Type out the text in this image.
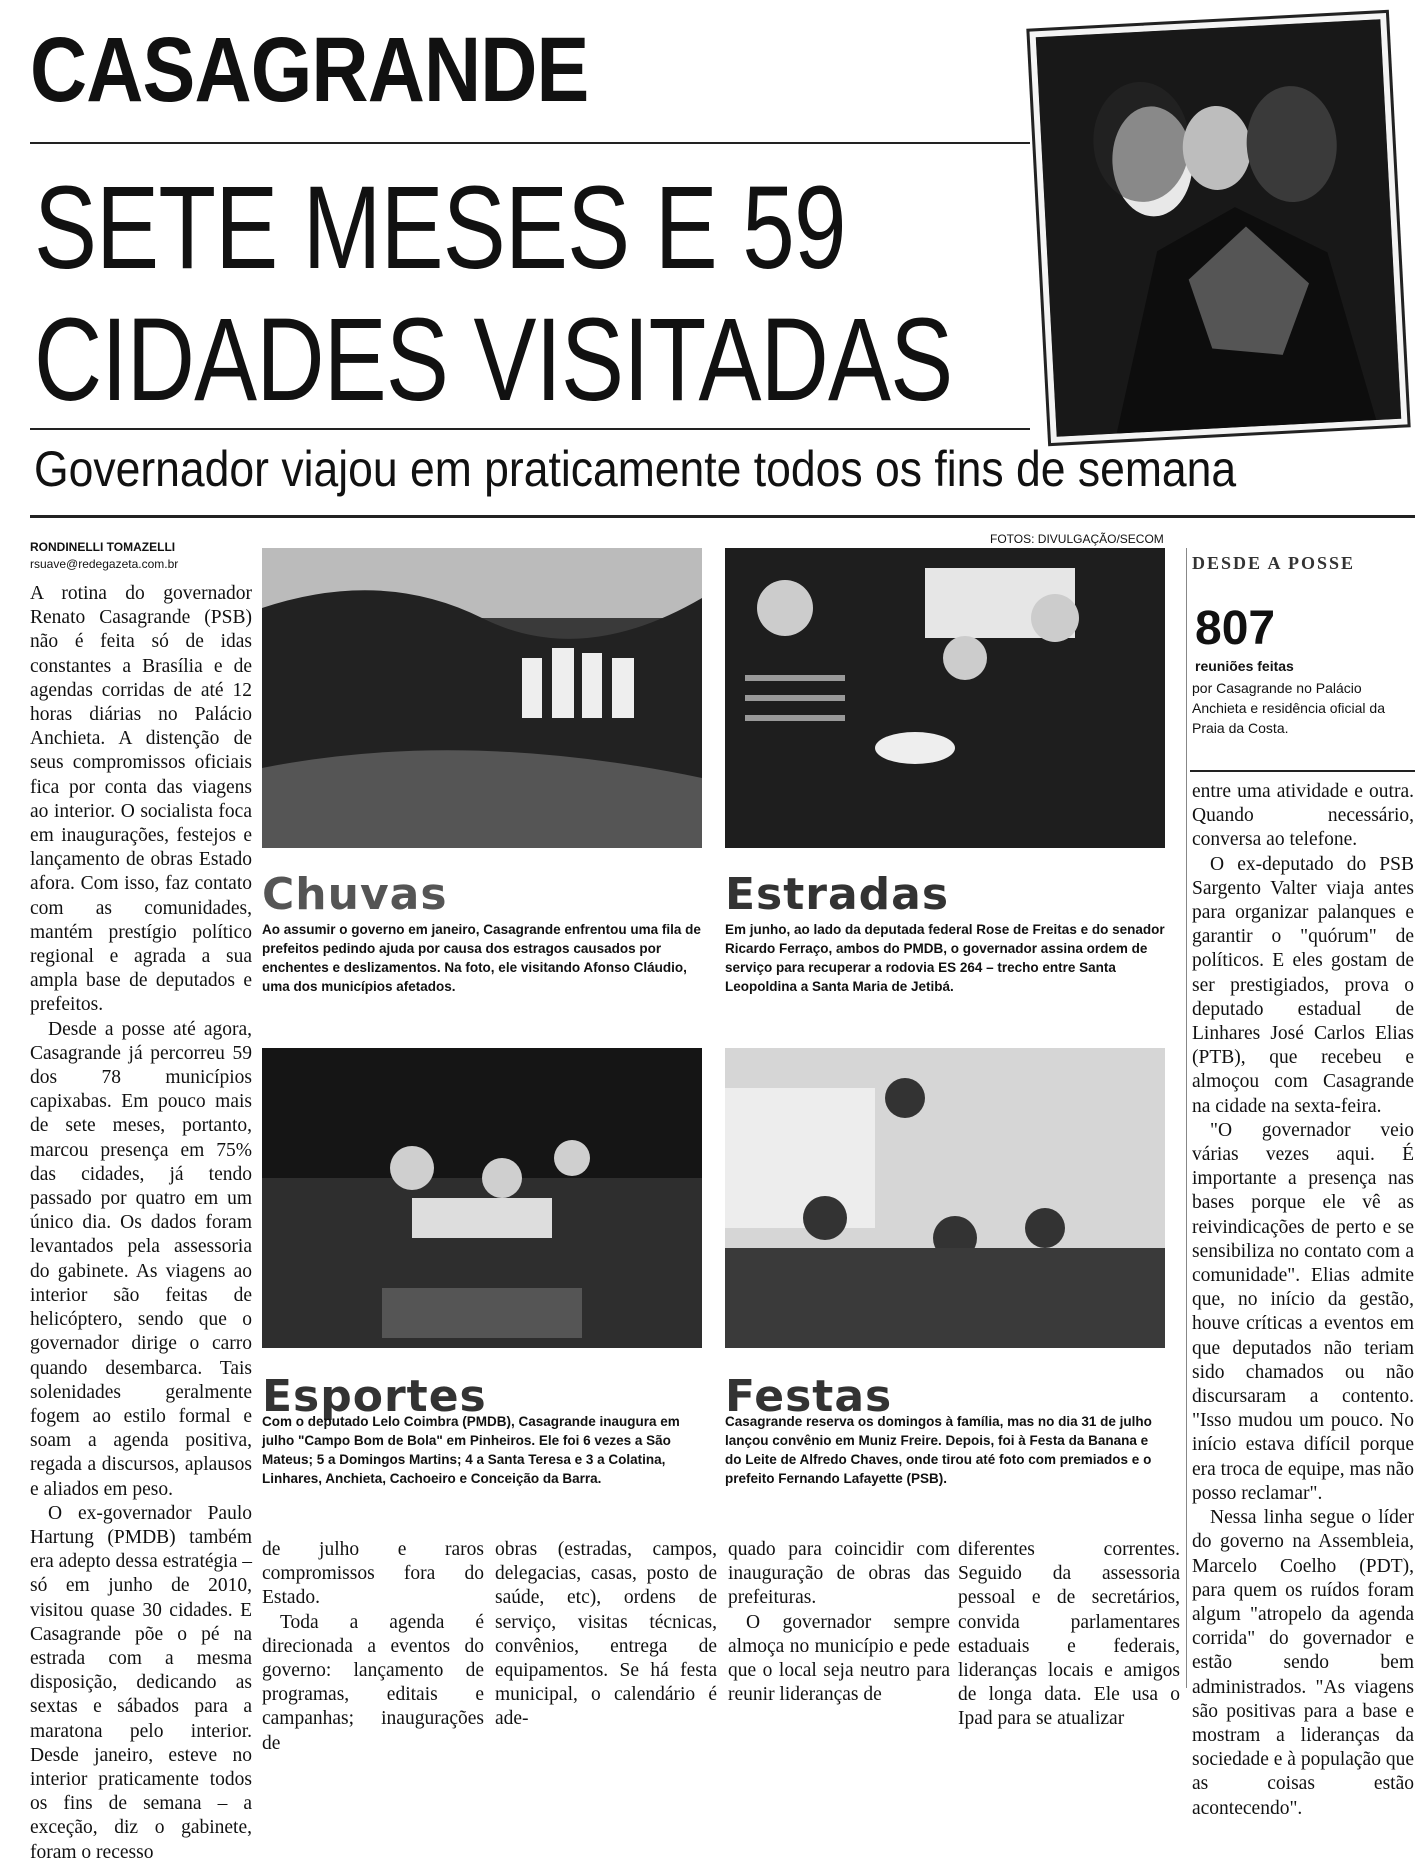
CASAGRANDE
SETE MESES E 59
CIDADES VISITADAS
Governador viajou em praticamente todos os fins de semana
RONDINELLI TOMAZELLI
rsuave@redegazeta.com.br

A rotina do governador Renato Casagrande (PSB) não é feita só de idas constantes a Brasília e de agendas corridas de até 12 horas diárias no Palácio Anchieta. A distenção de seus compromissos oficiais fica por conta das viagens ao interior. O socialista foca em inaugurações, festejos e lançamento de obras Estado afora. Com isso, faz contato com as comunidades, mantém prestígio político regional e agrada a sua ampla base de deputados e prefeitos.

Desde a posse até agora, Casagrande já percorreu 59 dos 78 municípios capixabas. Em pouco mais de sete meses, portanto, marcou presença em 75% das cidades, já tendo passado por quatro em um único dia. Os dados foram levantados pela assessoria do gabinete. As viagens ao interior são feitas de helicóptero, sendo que o governador dirige o carro quando desembarca. Tais solenidades geralmente fogem ao estilo formal e soam a agenda positiva, regada a discursos, aplausos e aliados em peso.

O ex-governador Paulo Hartung (PMDB) também era adepto dessa estratégia – só em junho de 2010, visitou quase 30 cidades. E Casagrande põe o pé na estrada com a mesma disposição, dedicando as sextas e sábados para a maratona pelo interior. Desde janeiro, esteve no interior praticamente todos os fins de semana – a exceção, diz o gabinete, foram o recesso

FOTOS: DIVULGAÇÃO/SECOM
Chuvas
Ao assumir o governo em janeiro, Casagrande enfrentou uma fila de prefeitos pedindo ajuda por causa dos estragos causados por enchentes e deslizamentos. Na foto, ele visitando Afonso Cláudio, uma dos municípios afetados.
Estradas
Em junho, ao lado da deputada federal Rose de Freitas e do senador Ricardo Ferraço, ambos do PMDB, o governador assina ordem de serviço para recuperar a rodovia ES 264 – trecho entre Santa Leopoldina a Santa Maria de Jetibá.
Esportes
Com o deputado Lelo Coimbra (PMDB), Casagrande inaugura em julho "Campo Bom de Bola" em Pinheiros. Ele foi 6 vezes a São Mateus; 5 a Domingos Martins; 4 a Santa Teresa e 3 a Colatina, Linhares, Anchieta, Cachoeiro e Conceição da Barra.
Festas
Casagrande reserva os domingos à família, mas no dia 31 de julho lançou convênio em Muniz Freire. Depois, foi à Festa da Banana e do Leite de Alfredo Chaves, onde tirou até foto com premiados e o prefeito Fernando Lafayette (PSB).

de julho e raros compromissos fora do Estado.

Toda a agenda é direcionada a eventos do governo: lançamento de programas, editais e campanhas; inaugurações de

obras (estradas, campos, delegacias, casas, posto de saúde, etc), ordens de serviço, visitas técnicas, convênios, entrega de equipamentos. Se há festa municipal, o calendário é ade-

quado para coincidir com inauguração de obras das prefeituras.

O governador sempre almoça no município e pede que o local seja neutro para reunir lideranças de

diferentes correntes. Seguido da assessoria pessoal e de secretários, convida parlamentares estaduais e federais, lideranças locais e amigos de longa data. Ele usa o Ipad para se atualizar

DESDE A POSSE
807
reuniões feitas
por Casagrande no Palácio Anchieta e residência oficial da Praia da Costa.

entre uma atividade e outra. Quando necessário, conversa ao telefone.

O ex-deputado do PSB Sargento Valter viaja antes para organizar palanques e garantir o "quórum" de políticos. E eles gostam de ser prestigiados, prova o deputado estadual de Linhares José Carlos Elias (PTB), que recebeu e almoçou com Casagrande na cidade na sexta-feira.

"O governador veio várias vezes aqui. É importante a presença nas bases porque ele vê as reivindicações de perto e se sensibiliza no contato com a comunidade". Elias admite que, no início da gestão, houve críticas a eventos em que deputados não teriam sido chamados ou não discursaram a contento. "Isso mudou um pouco. No início estava difícil porque era troca de equipe, mas não posso reclamar".

Nessa linha segue o líder do governo na Assembleia, Marcelo Coelho (PDT), para quem os ruídos foram algum "atropelo da agenda corrida" do governador e estão sendo bem administrados. "As viagens são positivas para a base e mostram a lideranças da sociedade e à população que as coisas estão acontecendo".
